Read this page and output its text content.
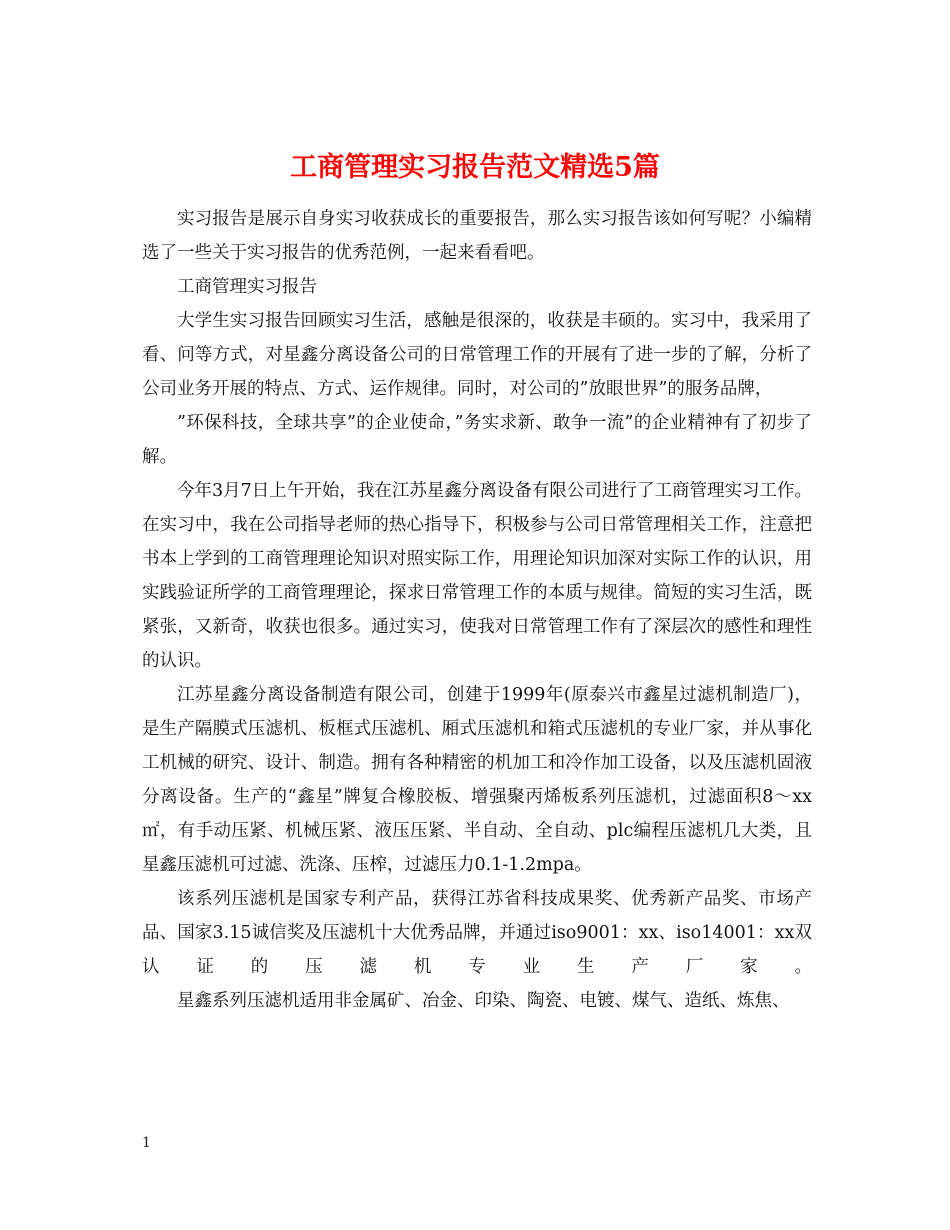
工商管理实习报告范文精选5篇

实习报告是展示自身实习收获成长的重要报告，那么实习报告该如何写呢？小编精选了一些关于实习报告的优秀范例，一起来看看吧。

工商管理实习报告

大学生实习报告回顾实习生活，感触是很深的，收获是丰硕的。实习中，我采用了看、问等方式，对星鑫分离设备公司的日常管理工作的开展有了进一步的了解，分析了公司业务开展的特点、方式、运作规律。同时，对公司的”放眼世界”的服务品牌，

”环保科技，全球共享”的企业使命，”务实求新、敢争一流”的企业精神有了初步了解。

今年3月7日上午开始，我在江苏星鑫分离设备有限公司进行了工商管理实习工作。在实习中，我在公司指导老师的热心指导下，积极参与公司日常管理相关工作，注意把书本上学到的工商管理理论知识对照实际工作，用理论知识加深对实际工作的认识，用实践验证所学的工商管理理论，探求日常管理工作的本质与规律。简短的实习生活，既紧张，又新奇，收获也很多。通过实习，使我对日常管理工作有了深层次的感性和理性的认识。

江苏星鑫分离设备制造有限公司，创建于1999年(原泰兴市鑫星过滤机制造厂)，是生产隔膜式压滤机、板框式压滤机、厢式压滤机和箱式压滤机的专业厂家，并从事化工机械的研究、设计、制造。拥有各种精密的机加工和冷作加工设备，以及压滤机固液分离设备。生产的“鑫星”牌复合橡胶板、增强聚丙烯板系列压滤机，过滤面积8～xx㎡，有手动压紧、机械压紧、液压压紧、半自动、全自动、plc编程压滤机几大类，且星鑫压滤机可过滤、洗涤、压榨，过滤压力0.1-1.2mpa。

该系列压滤机是国家专利产品，获得江苏省科技成果奖、优秀新产品奖、市场产品、国家3.15诚信奖及压滤机十大优秀品牌，并通过iso9001：xx、iso14001：xx双认证的压滤机专业生产厂家。

星鑫系列压滤机适用非金属矿、冶金、印染、陶瓷、电镀、煤气、造纸、炼焦、

1
